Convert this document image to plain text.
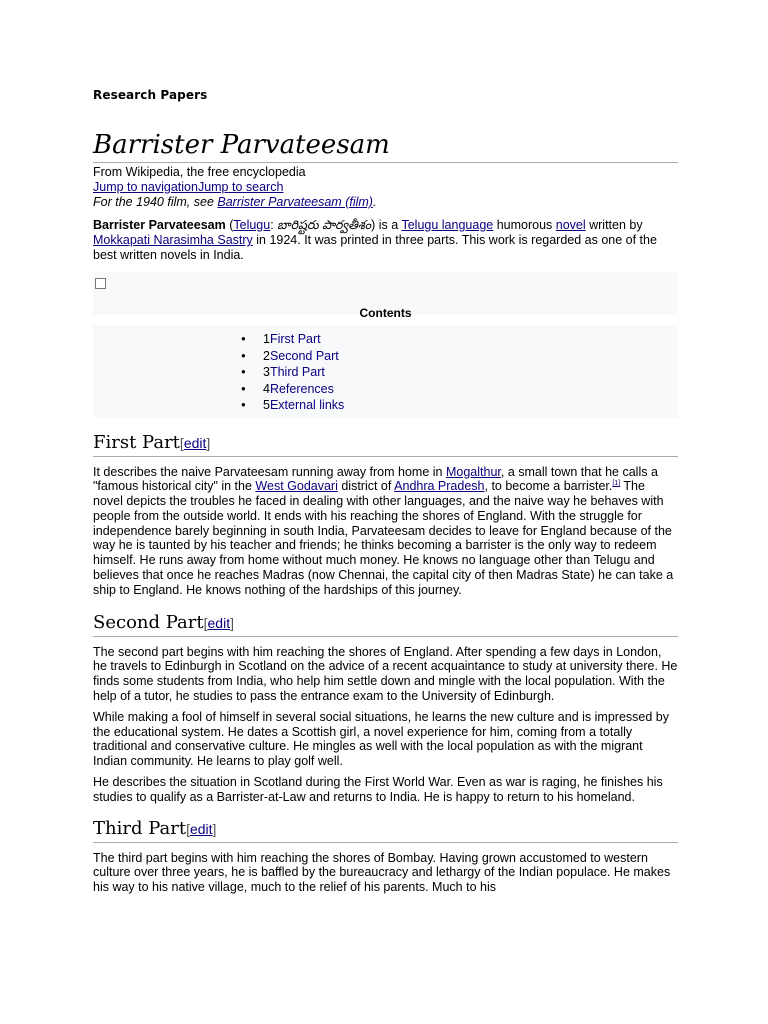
Research Papers
Barrister Parvateesam
From Wikipedia, the free encyclopedia
Jump to navigationJump to search
For the 1940 film, see Barrister Parvateesam (film).
Barrister Parvateesam (Telugu: బారిష్టరు పార్వతీశం) is a Telugu language humorous novel written by Mokkapati Narasimha Sastry in 1924. It was printed in three parts. This work is regarded as one of the best written novels in India.
Contents
● 1First Part
● 2Second Part
● 3Third Part
● 4References
● 5External links
First Part[edit]

It describes the naive Parvateesam running away from home in Mogalthur, a small town that he calls a "famous historical city" in the West Godavari district of Andhra Pradesh, to become a barrister.[1] The novel depicts the troubles he faced in dealing with other languages, and the naive way he behaves with people from the outside world. It ends with his reaching the shores of England. With the struggle for independence barely beginning in south India, Parvateesam decides to leave for England because of the way he is taunted by his teacher and friends; he thinks becoming a barrister is the only way to redeem himself. He runs away from home without much money. He knows no language other than Telugu and believes that once he reaches Madras (now Chennai, the capital city of then Madras State) he can take a ship to England. He knows nothing of the hardships of this journey.

Second Part[edit]

The second part begins with him reaching the shores of England. After spending a few days in London, he travels to Edinburgh in Scotland on the advice of a recent acquaintance to study at university there. He finds some students from India, who help him settle down and mingle with the local population. With the help of a tutor, he studies to pass the entrance exam to the University of Edinburgh.

While making a fool of himself in several social situations, he learns the new culture and is impressed by the educational system. He dates a Scottish girl, a novel experience for him, coming from a totally traditional and conservative culture. He mingles as well with the local population as with the migrant Indian community. He learns to play golf well.

He describes the situation in Scotland during the First World War. Even as war is raging, he finishes his studies to qualify as a Barrister-at-Law and returns to India. He is happy to return to his homeland.

Third Part[edit]

The third part begins with him reaching the shores of Bombay. Having grown accustomed to western culture over three years, he is baffled by the bureaucracy and lethargy of the Indian populace. He makes his way to his native village, much to the relief of his parents. Much to his
